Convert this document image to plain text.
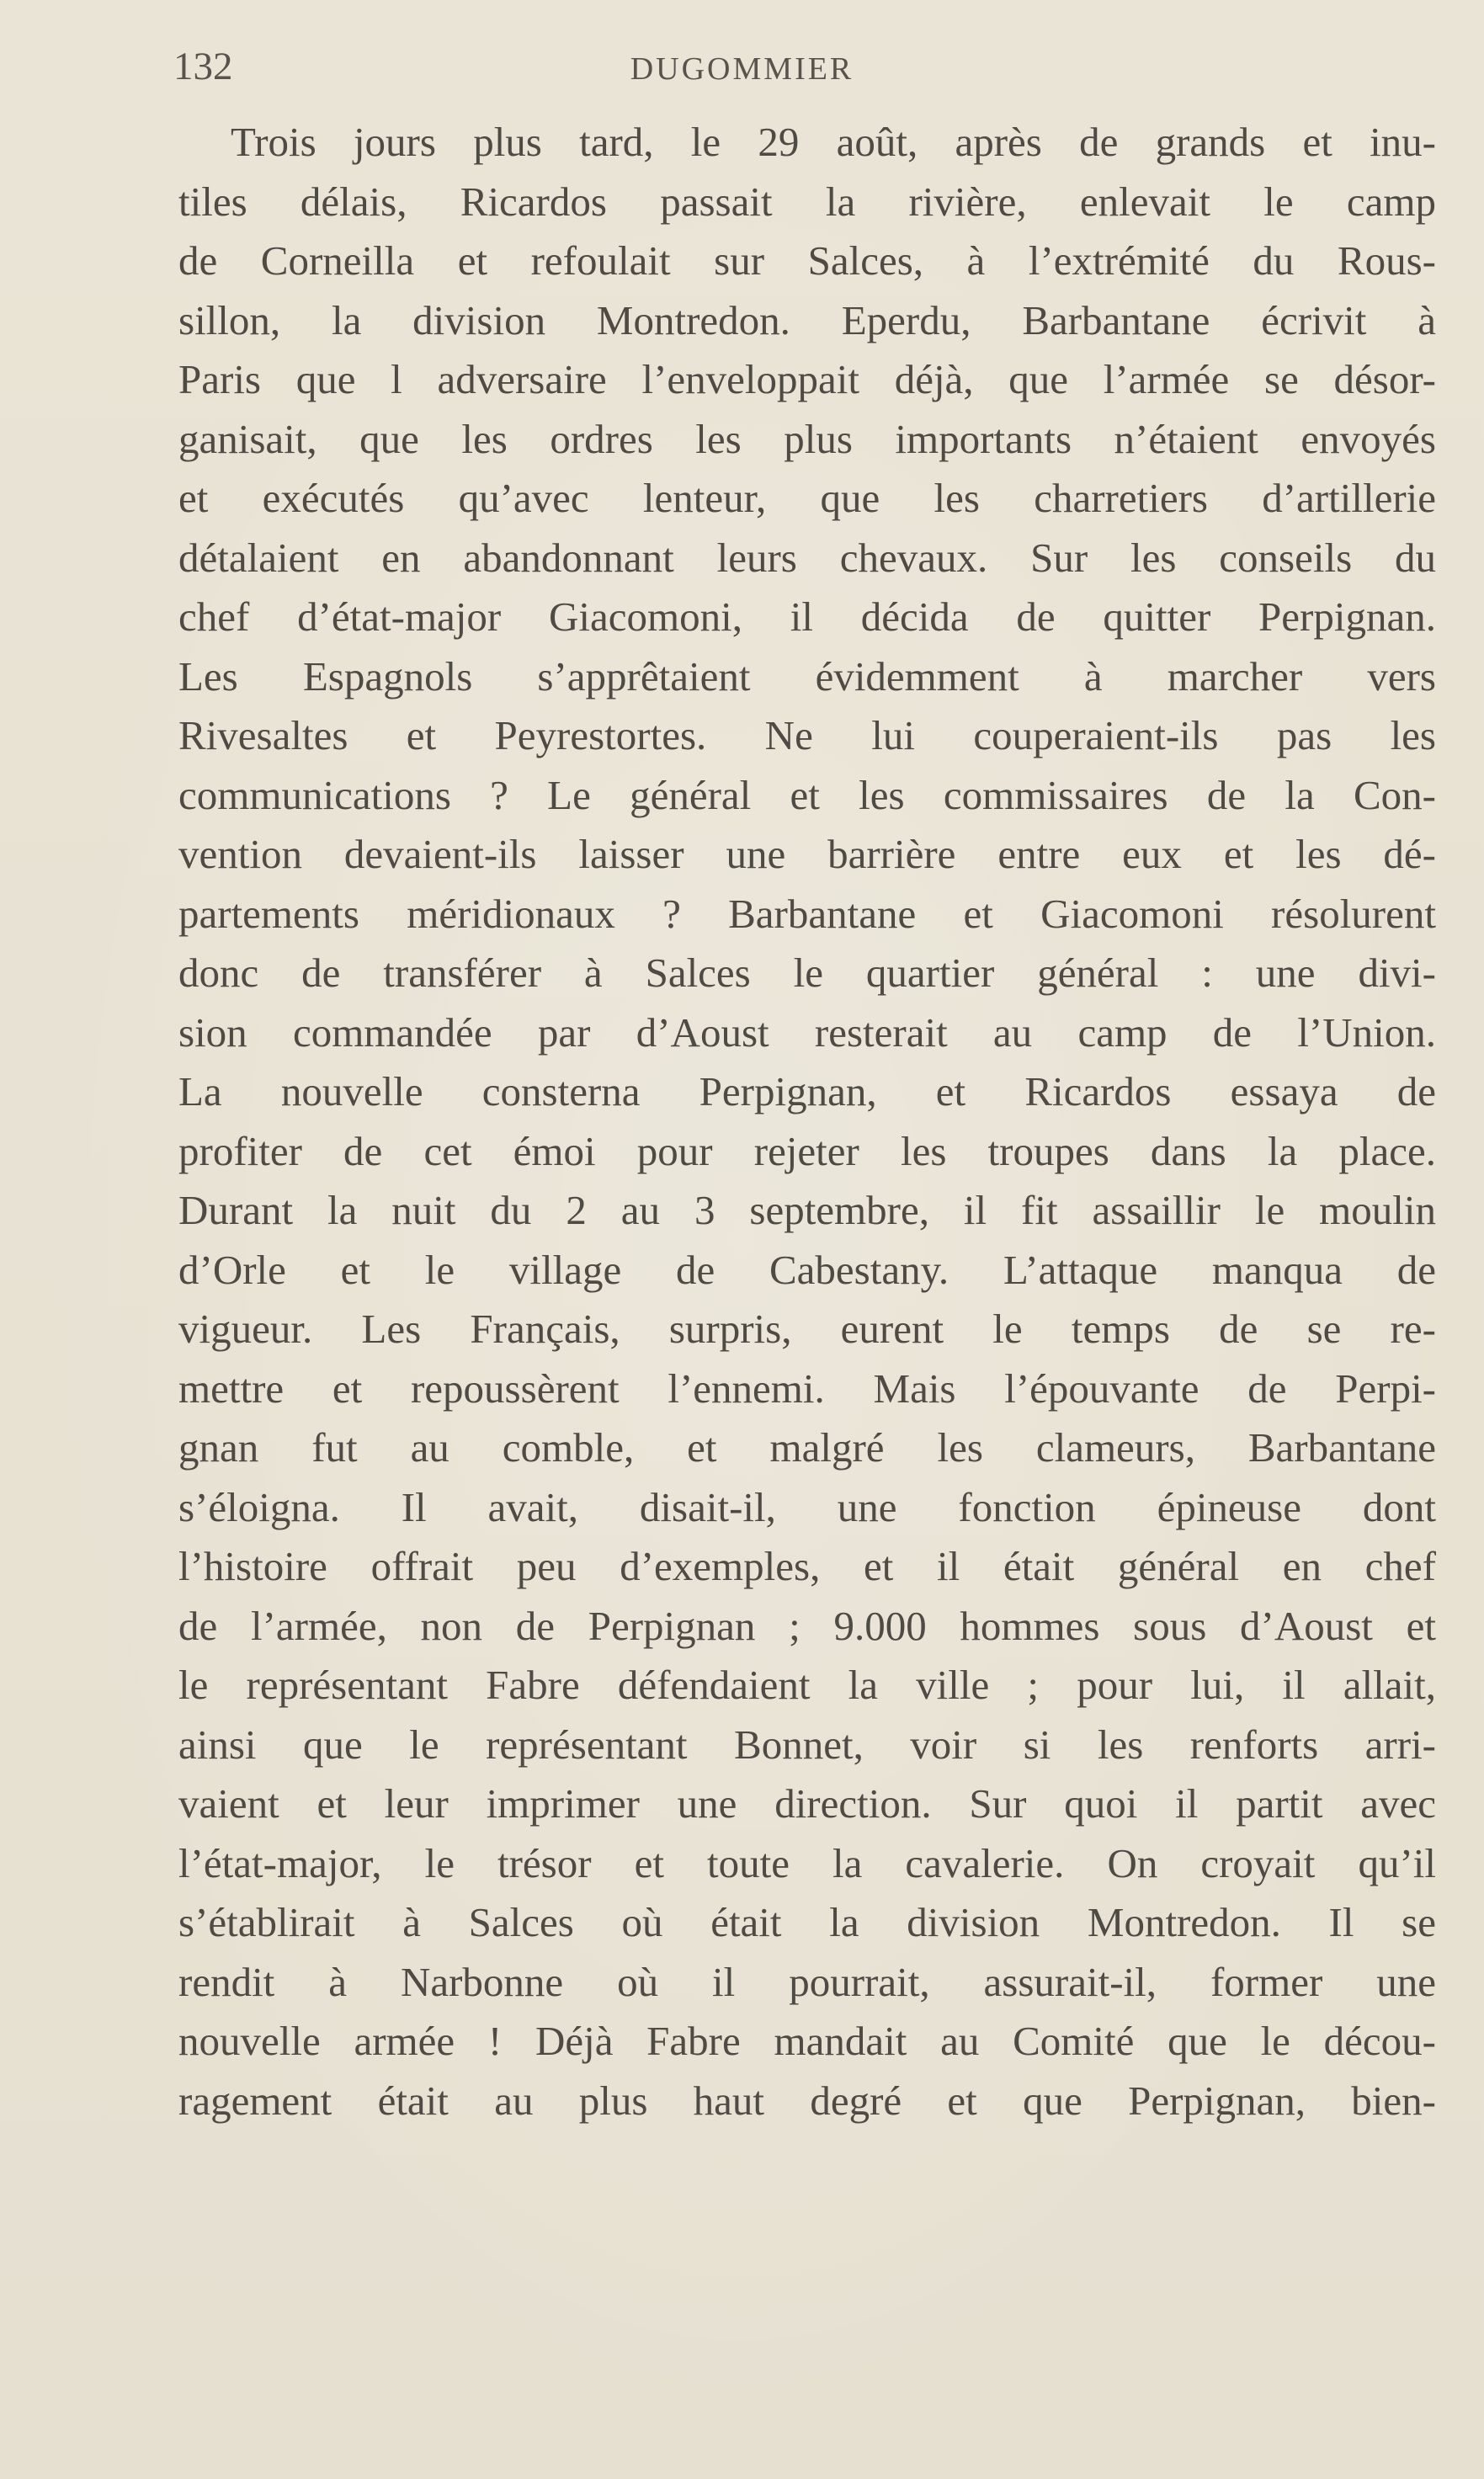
132	DUGOMMIER
Trois jours plus tard, le 29 août, après de grands et inu-
tiles délais, Ricardos passait la rivière, enlevait le camp
de Corneilla et refoulait sur Salces, à l’extrémité du Rous-
sillon, la division Montredon. Eperdu, Barbantane écrivit à
Paris que l adversaire l’enveloppait déjà, que l’armée se désor-
ganisait, que les ordres les plus importants n’étaient envoyés
et exécutés qu’avec lenteur, que les charretiers d’artillerie
détalaient en abandonnant leurs chevaux. Sur les conseils du
chef d’état-major Giacomoni, il décida de quitter Perpignan.
Les Espagnols s’apprêtaient évidemment à marcher vers
Rivesaltes et Peyrestortes. Ne lui couperaient-ils pas les
communications ? Le général et les commissaires de la Con-
vention devaient-ils laisser une barrière entre eux et les dé-
partements méridionaux ? Barbantane et Giacomoni résolurent
donc de transférer à Salces le quartier général : une divi-
sion commandée par d’Aoust resterait au camp de l’Union.
La nouvelle consterna Perpignan, et Ricardos essaya de
profiter de cet émoi pour rejeter les troupes dans la place.
Durant la nuit du 2 au 3 septembre, il fit assaillir le moulin
d’Orle et le village de Cabestany. L’attaque manqua de
vigueur. Les Français, surpris, eurent le temps de se re-
mettre et repoussèrent l’ennemi. Mais l’épouvante de Perpi-
gnan fut au comble, et malgré les clameurs, Barbantane
s’éloigna. Il avait, disait-il, une fonction épineuse dont
l’histoire offrait peu d’exemples, et il était général en chef
de l’armée, non de Perpignan ; 9.000 hommes sous d’Aoust et
le représentant Fabre défendaient la ville ; pour lui, il allait,
ainsi que le représentant Bonnet, voir si les renforts arri-
vaient et leur imprimer une direction. Sur quoi il partit avec
l’état-major, le trésor et toute la cavalerie. On croyait qu’il
s’établirait à Salces où était la division Montredon. Il se
rendit à Narbonne où il pourrait, assurait-il, former une
nouvelle armée ! Déjà Fabre mandait au Comité que le décou-
ragement était au plus haut degré et que Perpignan, bien-
